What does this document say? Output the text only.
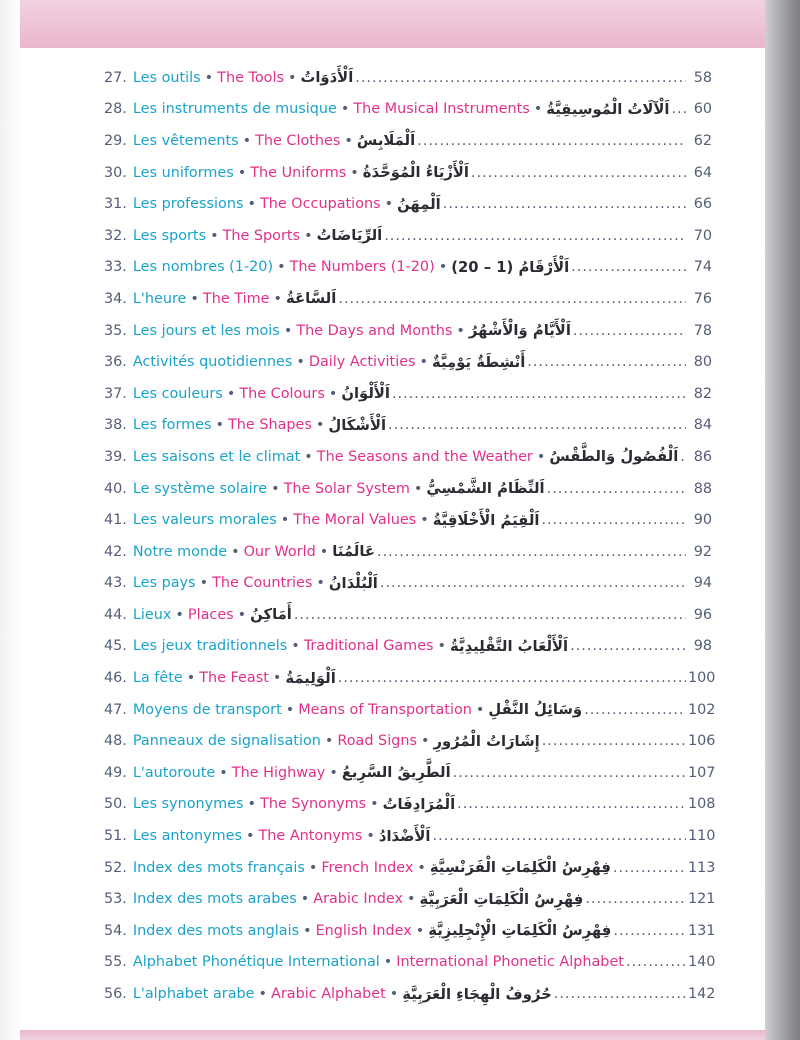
27. Les outils • The Tools • اَلْأَدَوَاتُ .....	58
28. Les instruments de musique • The Musical Instruments • اَلْآلَاتُ الْمُوسِيقِيَّةُ .....	60
29. Les vêtements • The Clothes • اَلْمَلَابِسُ .....	62
30. Les uniformes • The Uniforms • اَلْأَزْيَاءُ الْمُوَحَّدَةُ .....	64
31. Les professions • The Occupations • اَلْمِهَنُ .....	66
32. Les sports • The Sports • اَلرِّيَاضَاتُ .....	70
33. Les nombres (1-20) • The Numbers (1-20) • اَلْأَرْقَامُ (1 – 20) .....	74
34. L'heure • The Time • اَلسَّاعَةُ .....	76
35. Les jours et les mois • The Days and Months • اَلْأَيَّامُ وَالْأَشْهُرُ .....	78
36. Activités quotidiennes • Daily Activities • أَنْشِطَةٌ يَوْمِيَّةٌ .....	80
37. Les couleurs • The Colours • اَلْأَلْوَانُ .....	82
38. Les formes • The Shapes • اَلْأَشْكَالُ .....	84
39. Les saisons et le climat • The Seasons and the Weather • اَلْفُصُولُ وَالطَّقْسُ .....	86
40. Le système solaire • The Solar System • اَلنِّظَامُ الشَّمْسِيُّ .....	88
41. Les valeurs morales • The Moral Values • اَلْقِيَمُ الْأَخْلَاقِيَّةُ .....	90
42. Notre monde • Our World • عَالَمُنَا .....	92
43. Les pays • The Countries • اَلْبُلْدَانُ .....	94
44. Lieux • Places • أَمَاكِنُ .....	96
45. Les jeux traditionnels • Traditional Games • اَلْأَلْعَابُ التَّقْلِيدِيَّةُ .....	98
46. La fête • The Feast • اَلْوَلِيمَةُ .....	100
47. Moyens de transport • Means of Transportation • وَسَائِلُ النَّقْلِ .....	102
48. Panneaux de signalisation • Road Signs • إِشَارَاتُ الْمُرُورِ .....	106
49. L'autoroute • The Highway • اَلطَّرِيقُ السَّرِيعُ .....	107
50. Les synonymes • The Synonyms • اَلْمُرَادِفَاتُ .....	108
51. Les antonymes • The Antonyms • اَلْأَضْدَادُ .....	110
52. Index des mots français • French Index • فِهْرِسُ الْكَلِمَاتِ الْفَرَنْسِيَّةِ .....	113
53. Index des mots arabes • Arabic Index • فِهْرِسُ الْكَلِمَاتِ الْعَرَبِيَّةِ .....	121
54. Index des mots anglais • English Index • فِهْرِسُ الْكَلِمَاتِ الْإِنْجِلِيزِيَّةِ .....	131
55. Alphabet Phonétique International • International Phonetic Alphabet .....	140
56. L'alphabet arabe • Arabic Alphabet • حُرُوفُ الْهِجَاءِ الْعَرَبِيَّةِ .....	142
